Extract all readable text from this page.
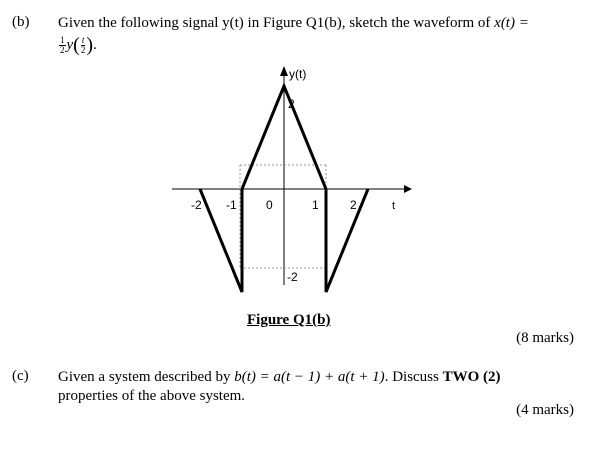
(b) Given the following signal y(t) in Figure Q1(b), sketch the waveform of x(t) =
$\frac{1}{2} y( \frac{t}{2}$ ).
y(t)
t
2
-2
-2 -1 0	1	2
Figure Q1(b)
(8 marks)
(c) Given a system described by b(t) = a(t − 1) + a(t + 1). Discuss TWO (2)
properties of the above system.
(4 marks)
